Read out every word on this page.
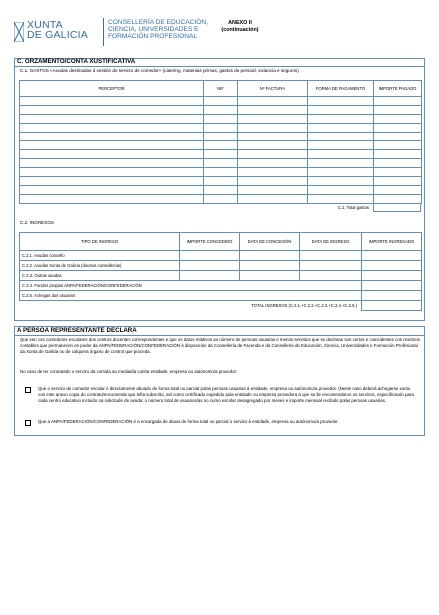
XUNTA
DE GALICIA
CONSELLERÍA DE EDUCACIÓN,
CIENCIA, UNIVERSIDADES E
FORMACIÓN PROFESIONAL
ANEXO II
(continuación)
C. ORZAMENTO/CONTA XUSTIFICATIVA
C.1. GASTOS «Axudas destinadas á xestión do servizo de comedor» (catering, materiais primas, gastos de persoal, vixiancia e seguros)
PERCEPTOR	NIF	Nº FACTURA	FORMA DE PAGAMENTO	IMPORTE PAGADO

C.1. Total gastos
C.2. INGRESOS
TIPO DE INGRESO	IMPORTE CONCEDIDO	DATA DE CONCESIÓN	DATA DE INGRESO	IMPORTE INGRESADO
C.2.1. Axudas concello				
C.2.2. Axudas Xunta de Galicia (doutras consellerías)				
C.2.3. Outras axudas				
C.2.4. Fondos propios ANPA/FEDERACIÓN/CONFEDERACIÓN				
C.2.5. Achegas dos usuarios				
TOTAL INGRESOS (C.2.1.+C.2.2.+C.2.3.+C.2.4.+C.2.5.)				
A PERSOA REPRESENTANTE DECLARA
Que ven cos comedores escolares dos centros docentes correspondentes e que os datos relativos ao número de persoas usuarias e menús servidos que se declaran son certos e coincidentes cos rexistros contables que permanecen en poder da ANPA/FEDERACIÓN/CONFEDERACIÓN á disposición da Consellería de Facenda e da Consellería de Educación, Ciencia, Universidades e Formación Profesional da Xunta de Galicia ou de calquera órgano de control que proceda.
No caso de ter contratado o servizo da comida ao mediadía cunha entidade, empresa ou autónomo/a provedor:
Que o servizo de comedor escolar é directamente aboado de forma total ou parcial polas persoas usuarias á entidade, empresa ou autónomo/a provedor. (Neste caso deberá achegarse xunto con este anexo copia do contrato/encomenda que leña subscrito, así como certificado expedido pola entidade ou empresa provedora a que se lle encomendaron os servizos, especificando para cada centro educativo incluído na solicitude de axuda: o número total de usuarios/as no curso escolar desagregado por meses e importe mensual recibido polas persoas usuarias.
Que a ANPA/FEDERACIÓN/CONFEDERACIÓN é a encargada de aboar de forma total ou parcial o servizo á entidade, empresa ou autónomo/a provedor.
